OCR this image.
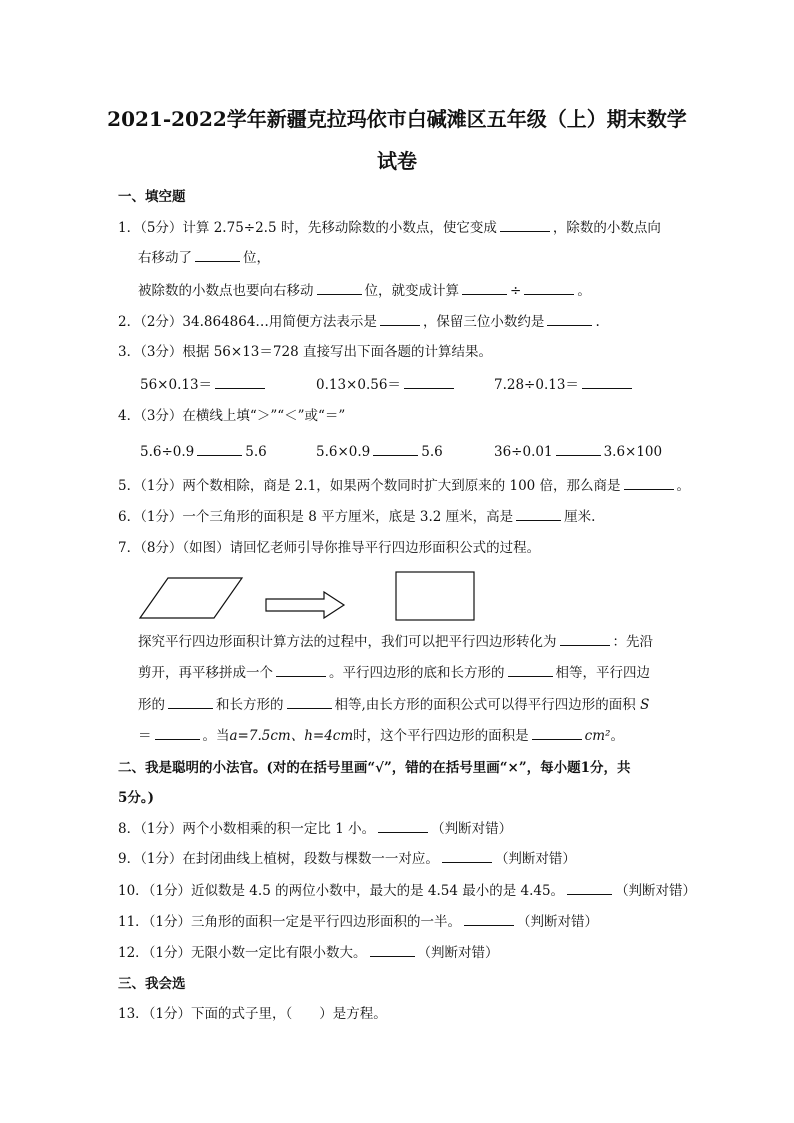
2021-2022学年新疆克拉玛依市白碱滩区五年级（上）期末数学
试卷
一、填空题
1．（5分）计算 2.75÷2.5 时，先移动除数的小数点，使它变成	，除数的小数点向
右移动了	位，
被除数的小数点也要向右移动	位，就变成计算	÷	。
2．（2分）34.864864…用简便方法表示是	，保留三位小数约是	.
3．（3分）根据 56×13＝728 直接写出下面各题的计算结果。
56×0.13＝	0.13×0.56＝	7.28÷0.13＝
4．（3分）在横线上填“＞”“＜”或“＝”
5.6÷0.9	5.6	5.6×0.9	5.6	36÷0.01	3.6×100
5．（1分）两个数相除，商是 2.1，如果两个数同时扩大到原来的 100 倍，那么商是	。
6．（1分）一个三角形的面积是 8 平方厘米，底是 3.2 厘米，高是	厘米.
7．（8分）（如图）请回忆老师引导你推导平行四边形面积公式的过程。
探究平行四边形面积计算方法的过程中，我们可以把平行四边形转化为	：先沿
剪开，再平移拼成一个	。平行四边形的底和长方形的	相等，平行四边
形的	和长方形的	相等,由长方形的面积公式可以得平行四边形的面积 S
＝	。当a=7.5cm、h=4cm时，这个平行四边形的面积是	cm²。
二、我是聪明的小法官。(对的在括号里画“√”，错的在括号里画“×”，每小题1分，共
5分。)
8．（1分）两个小数相乘的积一定比 1 小。	（判断对错）
9．（1分）在封闭曲线上植树，段数与棵数一一对应。	（判断对错）
10．（1分）近似数是 4.5 的两位小数中，最大的是 4.54 最小的是 4.45。	（判断对错）
11．（1分）三角形的面积一定是平行四边形面积的一半。	（判断对错）
12．（1分）无限小数一定比有限小数大。	（判断对错）
三、我会选
13．（1分）下面的式子里，（　　）是方程。
